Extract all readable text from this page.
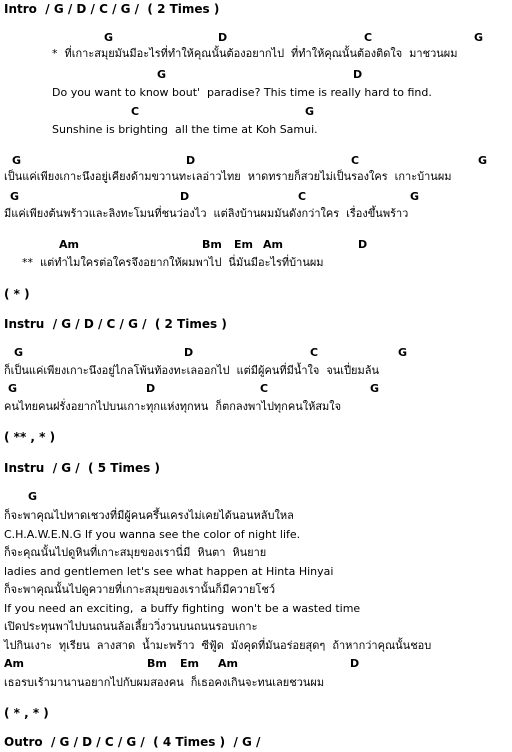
Intro  / G / D / C / G /  ( 2 Times )
G	D	C	G
*  ที่เกาะสมุยมันมีอะไรที่ทำให้คุณนั้นต้องอยากไป  ที่ทำให้คุณนั้นต้องติดใจ  มาชวนผม
G	D
Do you want to know bout'  paradise? This time is really hard to find.
C	G
Sunshine is brighting  all the time at Koh Samui.
G	D	C	G
เป็นแค่เพียงเกาะนึงอยู่เคียงด้ามขวานทะเลอ่าวไทย  หาดทรายก็สวยไม่เป็นรองใคร  เกาะบ้านผม
G	D	C	G
มีแค่เพียงต้นพร้าวและลิงทะโมนที่ชนว่องไว  แต่ลิงบ้านผมมันดังกว่าใคร  เรื่องขึ้นพร้าว
Am	Bm Em Am	D
**  แต่ทำไมใครต่อใครจึงอยากให้ผมพาไป  นี่มันมีอะไรที่บ้านผม
( * )
Instru  / G / D / C / G /  ( 2 Times )
G	D	C	G
ก็เป็นแค่เพียงเกาะนึงอยู่ไกลโพ้นท้องทะเลออกไป  แต่มีผู้คนที่มีน้ำใจ  จนเปี่ยมล้น
G	D	C	G
คนไทยคนฝรั่งอยากไปบนเกาะทุกแห่งทุกหน  ก็ตกลงพาไปทุกคนให้สมใจ
( ** , * )
Instru  / G /  ( 5 Times )
G
ก็จะพาคุณไปหาดเชวงที่มีผู้คนครึ้นเครงไม่เคยได้นอนหลับใหล
C.H.A.W.E.N.G If you wanna see the color of night life.
ก็จะคุณนั้นไปดูหินที่เกาะสมุยของเรานี่มี  หินตา  หินยาย
ladies and gentlemen let's see what happen at Hinta Hinyai
ก็จะพาคุณนั้นไปดูควายที่เกาะสมุยของเรานั้นก็มีควายโชว์
If you need an exciting,  a buffy fighting  won't be a wasted time
เปิดประทุนพาไปบนถนนล้อเลี้ยววิ่งวนบนถนนรอบเกาะ
ไปกินเงาะ  ทุเรียน  ลางสาด  น้ำมะพร้าว  ซีฟู้ด  มังคุดที่มันอร่อยสุดๆ  ถ้าหากว่าคุณนั้นชอบ
Am	Bm Em Am	D
เธอรบเร้ามานานอยากไปกับผมสองคน  ก็เธอคงเกินจะทนเลยชวนผม
( * , * )
Outro  / G / D / C / G /  ( 4 Times )  / G /
